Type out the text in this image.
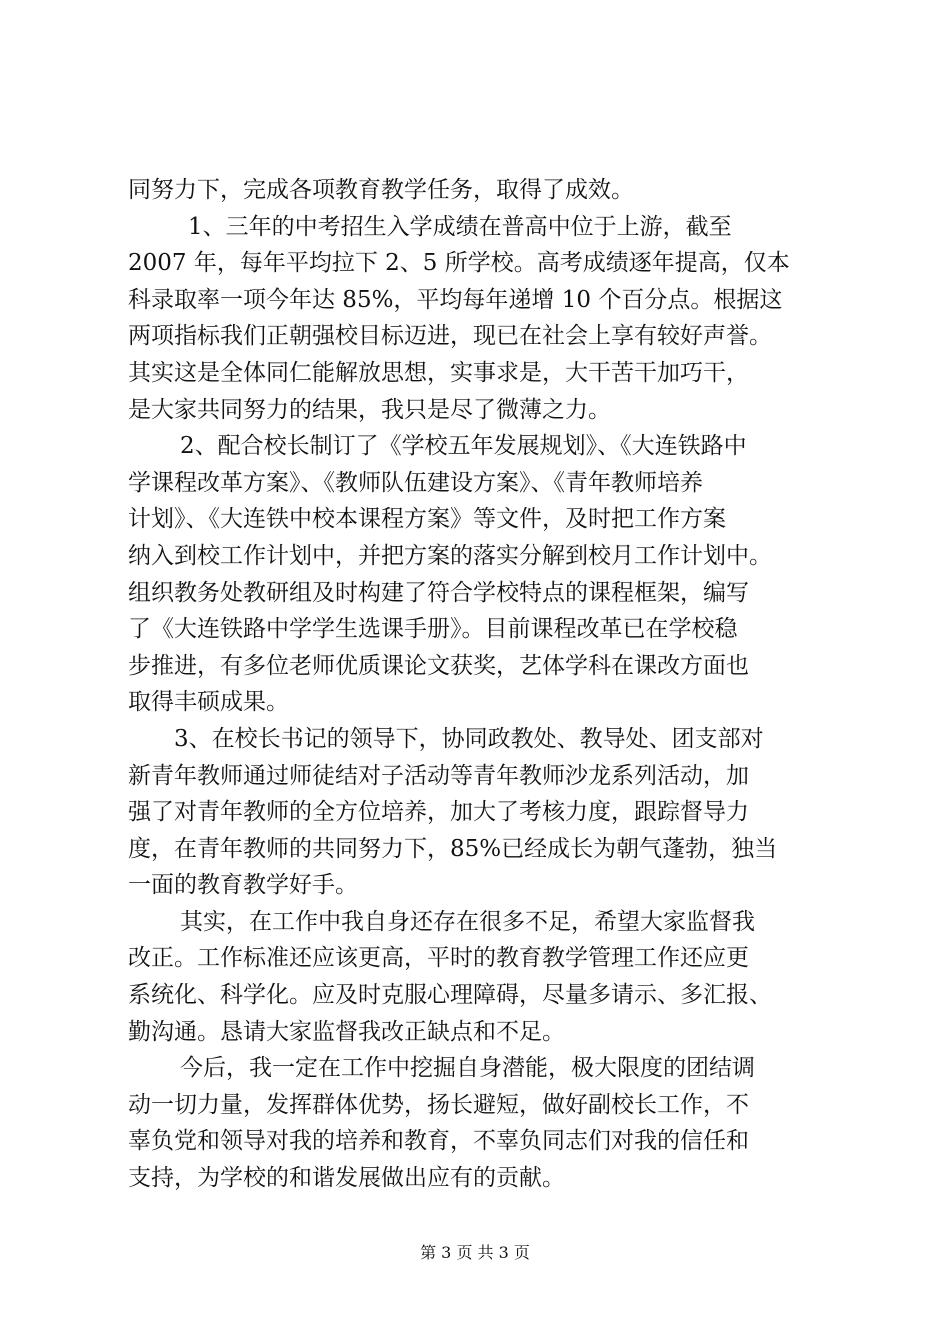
同努力下，完成各项教育教学任务，取得了成效。
1、三年的中考招生入学成绩在普高中位于上游，截至
2007 年，每年平均拉下 2、5 所学校。高考成绩逐年提高，仅本
科录取率一项今年达 85%，平均每年递增 10 个百分点。根据这
两项指标我们正朝强校目标迈进，现已在社会上享有较好声誉。
其实这是全体同仁能解放思想，实事求是，大干苦干加巧干，
是大家共同努力的结果，我只是尽了微薄之力。
2、配合校长制订了《学校五年发展规划》、《大连铁路中
学课程改革方案》、《教师队伍建设方案》、《青年教师培养
计划》、《大连铁中校本课程方案》等文件，及时把工作方案
纳入到校工作计划中，并把方案的落实分解到校月工作计划中。
组织教务处教研组及时构建了符合学校特点的课程框架，编写
了《大连铁路中学学生选课手册》。目前课程改革已在学校稳
步推进，有多位老师优质课论文获奖，艺体学科在课改方面也
取得丰硕成果。
3、在校长书记的领导下，协同政教处、教导处、团支部对
新青年教师通过师徒结对子活动等青年教师沙龙系列活动，加
强了对青年教师的全方位培养，加大了考核力度，跟踪督导力
度，在青年教师的共同努力下，85%已经成长为朝气蓬勃，独当
一面的教育教学好手。
其实，在工作中我自身还存在很多不足，希望大家监督我
改正。工作标准还应该更高，平时的教育教学管理工作还应更
系统化、科学化。应及时克服心理障碍，尽量多请示、多汇报、
勤沟通。恳请大家监督我改正缺点和不足。
今后，我一定在工作中挖掘自身潜能，极大限度的团结调
动一切力量，发挥群体优势，扬长避短，做好副校长工作，不
辜负党和领导对我的培养和教育，不辜负同志们对我的信任和
支持，为学校的和谐发展做出应有的贡献。
第 3 页 共 3 页
